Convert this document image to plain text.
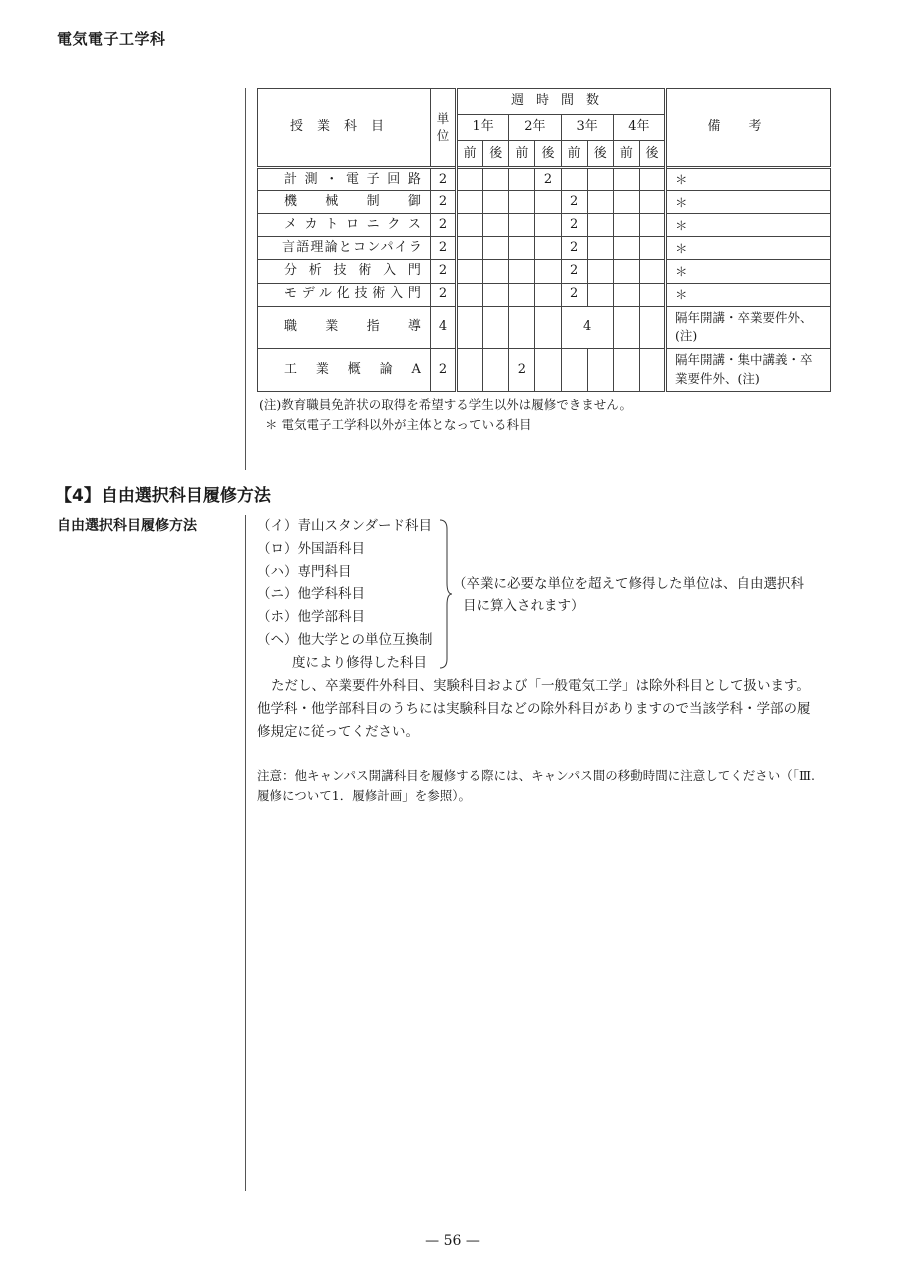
電気電子工学科
授業科目	単位	週時間数								備考
		1年		2年		3年		4年		
		前	後	前	後	前	後	前	後	
計測・電子回路	2				2					＊
機械制御	2					2				＊
メカトロニクス	2					2				＊
言語理論とコンパイラ	2					2				＊
分析技術入門	2					2				＊
モデル化技術入門	2					2				＊
職業指導	4					4				隔年開講・卒業要件外、
(注)
工業概論A	2			2						隔年開講・集中講義・卒
業要件外、(注)
(注)教育職員免許状の取得を希望する学生以外は履修できません。
＊ 電気電子工学科以外が主体となっている科目
【4】自由選択科目履修方法
自由選択科目履修方法	（イ）青山スタンダード科目
（ロ）外国語科目
（ハ）専門科目
（ニ）他学科科目
（ホ）他学部科目
（ヘ）他大学との単位互換制
度により修得した科目
（卒業に必要な単位を超えて修得した単位は、自由選択科
目に算入されます）
ただし、卒業要件外科目、実験科目および「一般電気工学」は除外科目として扱います。
他学科・他学部科目のうちには実験科目などの除外科目がありますので当該学科・学部の履
修規定に従ってください。
注意：他キャンパス開講科目を履修する際には、キャンパス間の移動時間に注意してください（「Ⅲ.
履修について1．履修計画」を参照）。
— 56 —
